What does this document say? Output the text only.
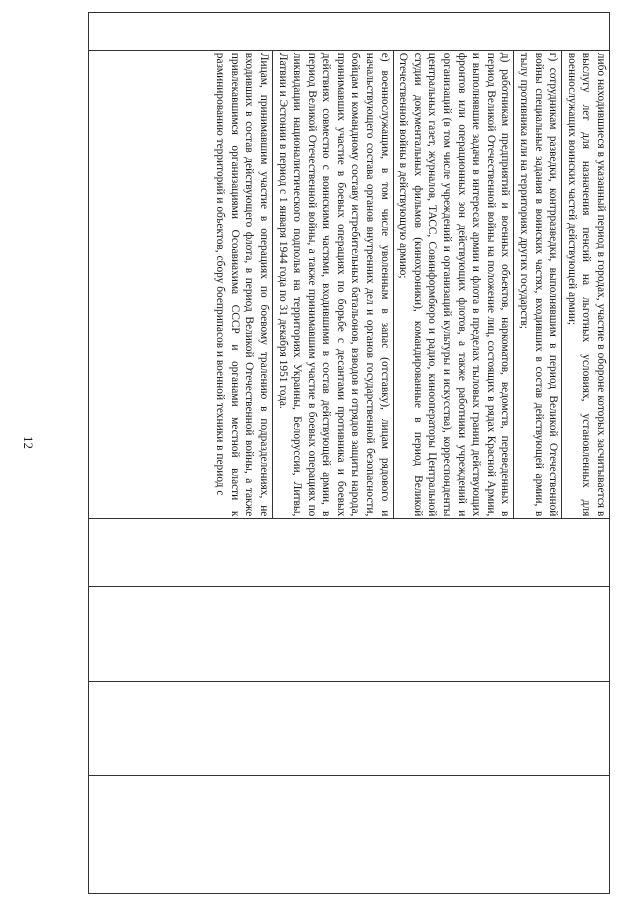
12
		либо находившиеся в указанный период в городах, участие в обороне которых засчитывается в выслугу лет для назначения пенсий на льготных условиях, установленных для военнослужащих воинских частей действующей армии;
г) сотрудникам разведки, контрразведки, выполнявшим в период Великой Отечественной войны специальные задания в воинских частях, входивших в состав действующей армии, в тылу противника или на территориях других государств;
д) работникам предприятий и военных объектов, наркоматов, ведомств, переведенных в период Великой Отечественной войны на положение лиц, состоящих в рядах Красной Армии, и выполнявшие задачи в интересах армии и флота в пределах тыловых границ действующих фронтов или операционных зон действующих флотов, а также работники учреждений и организаций (в том числе учреждений и организаций культуры и искусства), корреспонденты центральных газет, журналов, ТАСС, Совинформбюро и радио, кинооператоры Центральной студии документальных фильмов (кинохроники), командированные в период Великой Отечественной войны в действующую армию;
е) военнослужащим, в том числе уволенным в запас (отставку), лицам рядового и начальствующего состава органов внутренних дел и органов государственной безопасности, бойцам и командному составу истребительных батальонов, взводов и отрядов защиты народа, принимавших участие в боевых операциях по борьбе с десантами противника и боевых действиях совместно с воинскими частями, входившими в состав действующей армии, в период Великой Отечественной войны, а также принимавшим участие в боевых операциях по ликвидации националистического подполья на территориях Украины, Белоруссии, Литвы, Латвии и Эстонии в период с 1 января 1944 года по 31 декабря 1951 года.
Лицам, принимавшим участие в операциях по боевому тралению в подразделениях, не входивших в состав действующего флота, в период Великой Отечественной войны, а также привлекавшимся организациями Осоавиахима СССР и органами местной власти к разминированию территорий и объектов, сбору боеприпасов и военной техники в период с
